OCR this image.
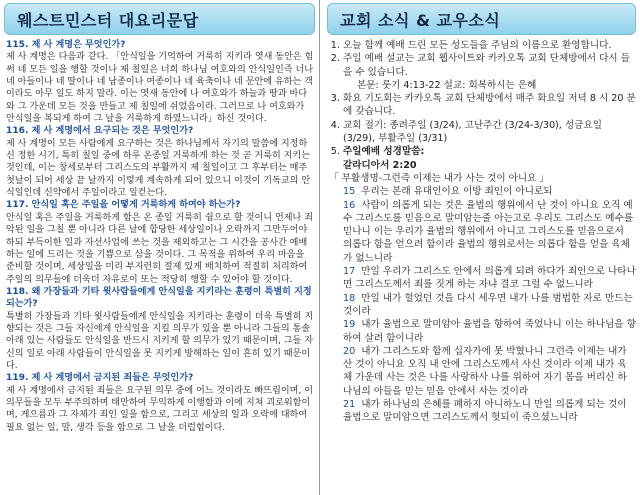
웨스트민스터 대요리문답
115. 제 사 계명은 무엇인가?
제 사 계명은 다음과 같다. 「안식일을 기억하여 거룩히 지키라 엿새 동안은 힘써 네 모든 일을 행할 것이나 제 칠일은 너희 하나님 여호와의 안식일인즉 너나 네 아들이나 네 딸이나 네 남종이나 여종이나 네 육축이나 네 문안에 유하는 객이라도 아무 일도 하지 말라. 이는 엿새 동안에 나 여호와가 하늘과 땅과 바다와 그 가운데 모든 것을 만들고 제 칠일에 쉬었음이라. 그러므로 나 여호와가 안식일을 복되게 하여 그 날을 거룩하게 하였느니라」하신 것이다.
116. 제 사 계명에서 요구되는 것은 무엇인가?
제 사 계명이 모든 사람에게 요구하는 것은 하나님께서 자기의 말씀에 지정하신 정한 시기, 특히 칠일 중에 하루 온종일 거룩하게 하는 것 곧 거룩히 지키는 것인데, 이는 창세로부터 그리스도의 부활까지 제 칠일이고 그 후부터는 매주 첫날이 되어 세상 끝 날까지 이렇게 계속하게 되어 있으니 이것이 기독교의 안식일인데 신약에서 주일이라고 일컫는다.
117. 안식일 혹은 주일을 어떻게 거룩하게 하여야 하는가?
안식일 혹은 주일을 거룩하게 함은 온 종일 거룩히 쉼으로 할 것이니 언제나 죄악된 일을 그칠 뿐 아니라 다른 날에 합당한 세상일이나 오락까지 그만두어야 하되 부득이한 일과 자선사업에 쓰는 것을 제외하고는 그 시간을 공사간 예배하는 일에 드리는 것을 기쁨으로 삼을 것이다. 그 목적을 위하여 우리 마음을 준비할 것이며, 세상일을 미리 부지런히 절제 있게 배치하여 적절히 처리하여 주일의 의무들에 더욱더 자유로이 또는 적당히 행할 수 있어야 할 것이다.
118. 왜 가장들과 기타 윗사람들에게 안식일을 지키라는 훈령이 특별히 지정되는가?
특별히 가장들과 기타 윗사람들에게 안식일을 지키라는 훈령이 더욱 특별히 지향되는 것은 그들 자신에게 안식일을 지킬 의무가 있을 뿐 아니라 그들의 통솔 아래 있는 사람들도 안식일을 반드시 지키게 할 의무가 있기 때문이며, 그들 자신의 일로 아래 사람들이 안식일을 못 지키게 방해하는 일이 흔히 있기 때문이다.
119. 제 사 계명에서 금지된 죄들은 무엇인가?
제 사 계명에서 금지된 죄들은 요구된 의무 중에 어느 것이라도 빠뜨림이며, 이 의무들을 모두 부주의하며 태만하여 무익하게 이행함과 이에 지쳐 괴로워함이며, 게으름과 그 자체가 죄인 일을 함으로, 그리고 세상의 일과 오락에 대하여 필요 없는 일, 말, 생각 등을 함으로 그 날을 더럽힘이다.
교회 소식 & 교우소식
1. 오늘 함께 예배 드린 모든 성도들을 주님의 이름으로 환영합니다.
2. 주일 예배 설교는 교회 웹사이트와 카카오톡 교회 단체방에서 다시 들을 수 있습니다.
본문: 룻기 4:13-22 설교: 회복하시는 은혜
3. 화요 기도회는 카카오톡 교회 단체방에서 매주 화요일 저녁 8 시 20 분에 갖습니다.
4. 교회 절기: 종려주일 (3/24), 고난주간 (3/24-3/30), 성금요일 (3/29), 부활주일 (3/31)
5. 주일예배 성경말씀:
갈라디아서 2:20
「 부활생명-그런즉 이제는 내가 사는 것이 아니요 」
15 우리는 본래 유대인이요 이방 죄인이 아니로되
16 사람이 의롭게 되는 것은 율법의 행위에서 난 것이 아니요 오직 예수 그리스도를 믿음으로 말미암는줄 아는고로 우리도 그리스도 예수를 믿나니 이는 우리가 율법의 행위에서 아니고 그리스도를 믿음으로서 의롭다 함을 얻으려 함이라 율법의 행위로서는 의롭다 함을 얻을 육체가 없느니라
17 만일 우리가 그리스도 안에서 의롭게 되려 하다가 죄인으로 나타나면 그리스도께서 죄를 짓게 하는 자냐 결코 그럴 수 없느니라
18 만일 내가 헐었던 것을 다시 세우면 내가 나를 범법한 자로 만드는 것이라
19 내가 율법으로 말미암아 율법을 향하여 죽었나니 이는 하나님을 향하여 살려 함이니라
20 내가 그리스도와 함께 십자가에 못 박혔나니 그런즉 이제는 내가 산 것이 아니요 오직 내 안에 그리스도께서 사신 것이라 이제 내가 육체 가운데 사는 것은 나를 사랑하사 나를 위하여 자기 몸을 버리신 하나님의 아들을 믿는 믿음 안에서 사는 것이라
21 내가 하나님의 은혜를 폐하지 아니하노니 만일 의롭게 되는 것이 율법으로 말미암으면 그리스도께서 헛되이 죽으셨느니라
